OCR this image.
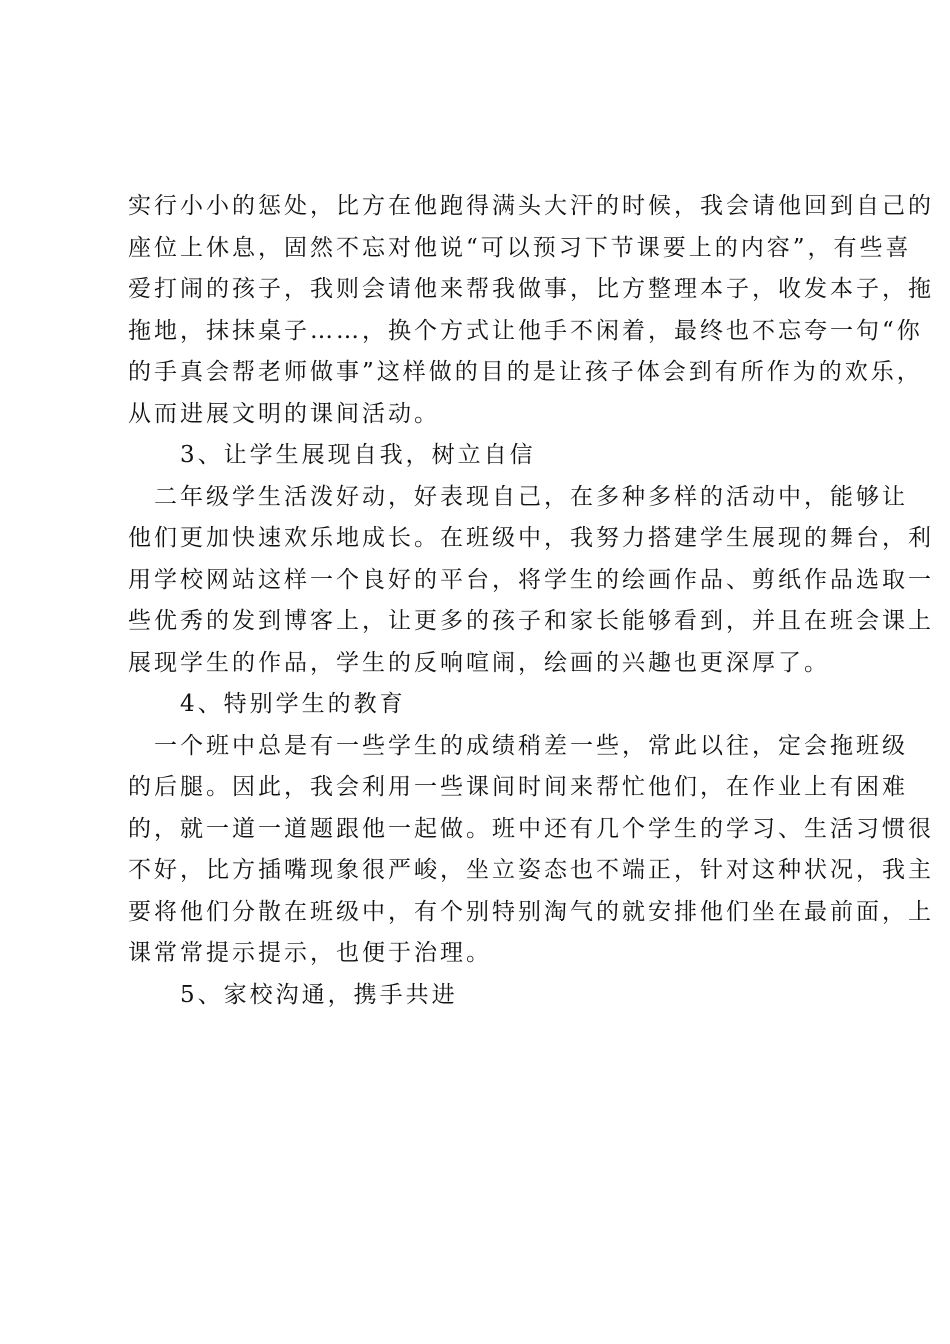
实行小小的惩处，比方在他跑得满头大汗的时候，我会请他回到自己的
座位上休息，固然不忘对他说“可以预习下节课要上的内容”，有些喜
爱打闹的孩子，我则会请他来帮我做事，比方整理本子，收发本子，拖
拖地，抹抹桌子……，换个方式让他手不闲着，最终也不忘夸一句“你
的手真会帮老师做事”这样做的目的是让孩子体会到有所作为的欢乐，
从而进展文明的课间活动。
　　3、让学生展现自我，树立自信
　二年级学生活泼好动，好表现自己，在多种多样的活动中，能够让
他们更加快速欢乐地成长。在班级中，我努力搭建学生展现的舞台，利
用学校网站这样一个良好的平台，将学生的绘画作品、剪纸作品选取一
些优秀的发到博客上，让更多的孩子和家长能够看到，并且在班会课上
展现学生的作品，学生的反响喧闹，绘画的兴趣也更深厚了。
　　4、特别学生的教育
　一个班中总是有一些学生的成绩稍差一些，常此以往，定会拖班级
的后腿。因此，我会利用一些课间时间来帮忙他们，在作业上有困难
的，就一道一道题跟他一起做。班中还有几个学生的学习、生活习惯很
不好，比方插嘴现象很严峻，坐立姿态也不端正，针对这种状况，我主
要将他们分散在班级中，有个别特别淘气的就安排他们坐在最前面，上
课常常提示提示，也便于治理。
　　5、家校沟通，携手共进
